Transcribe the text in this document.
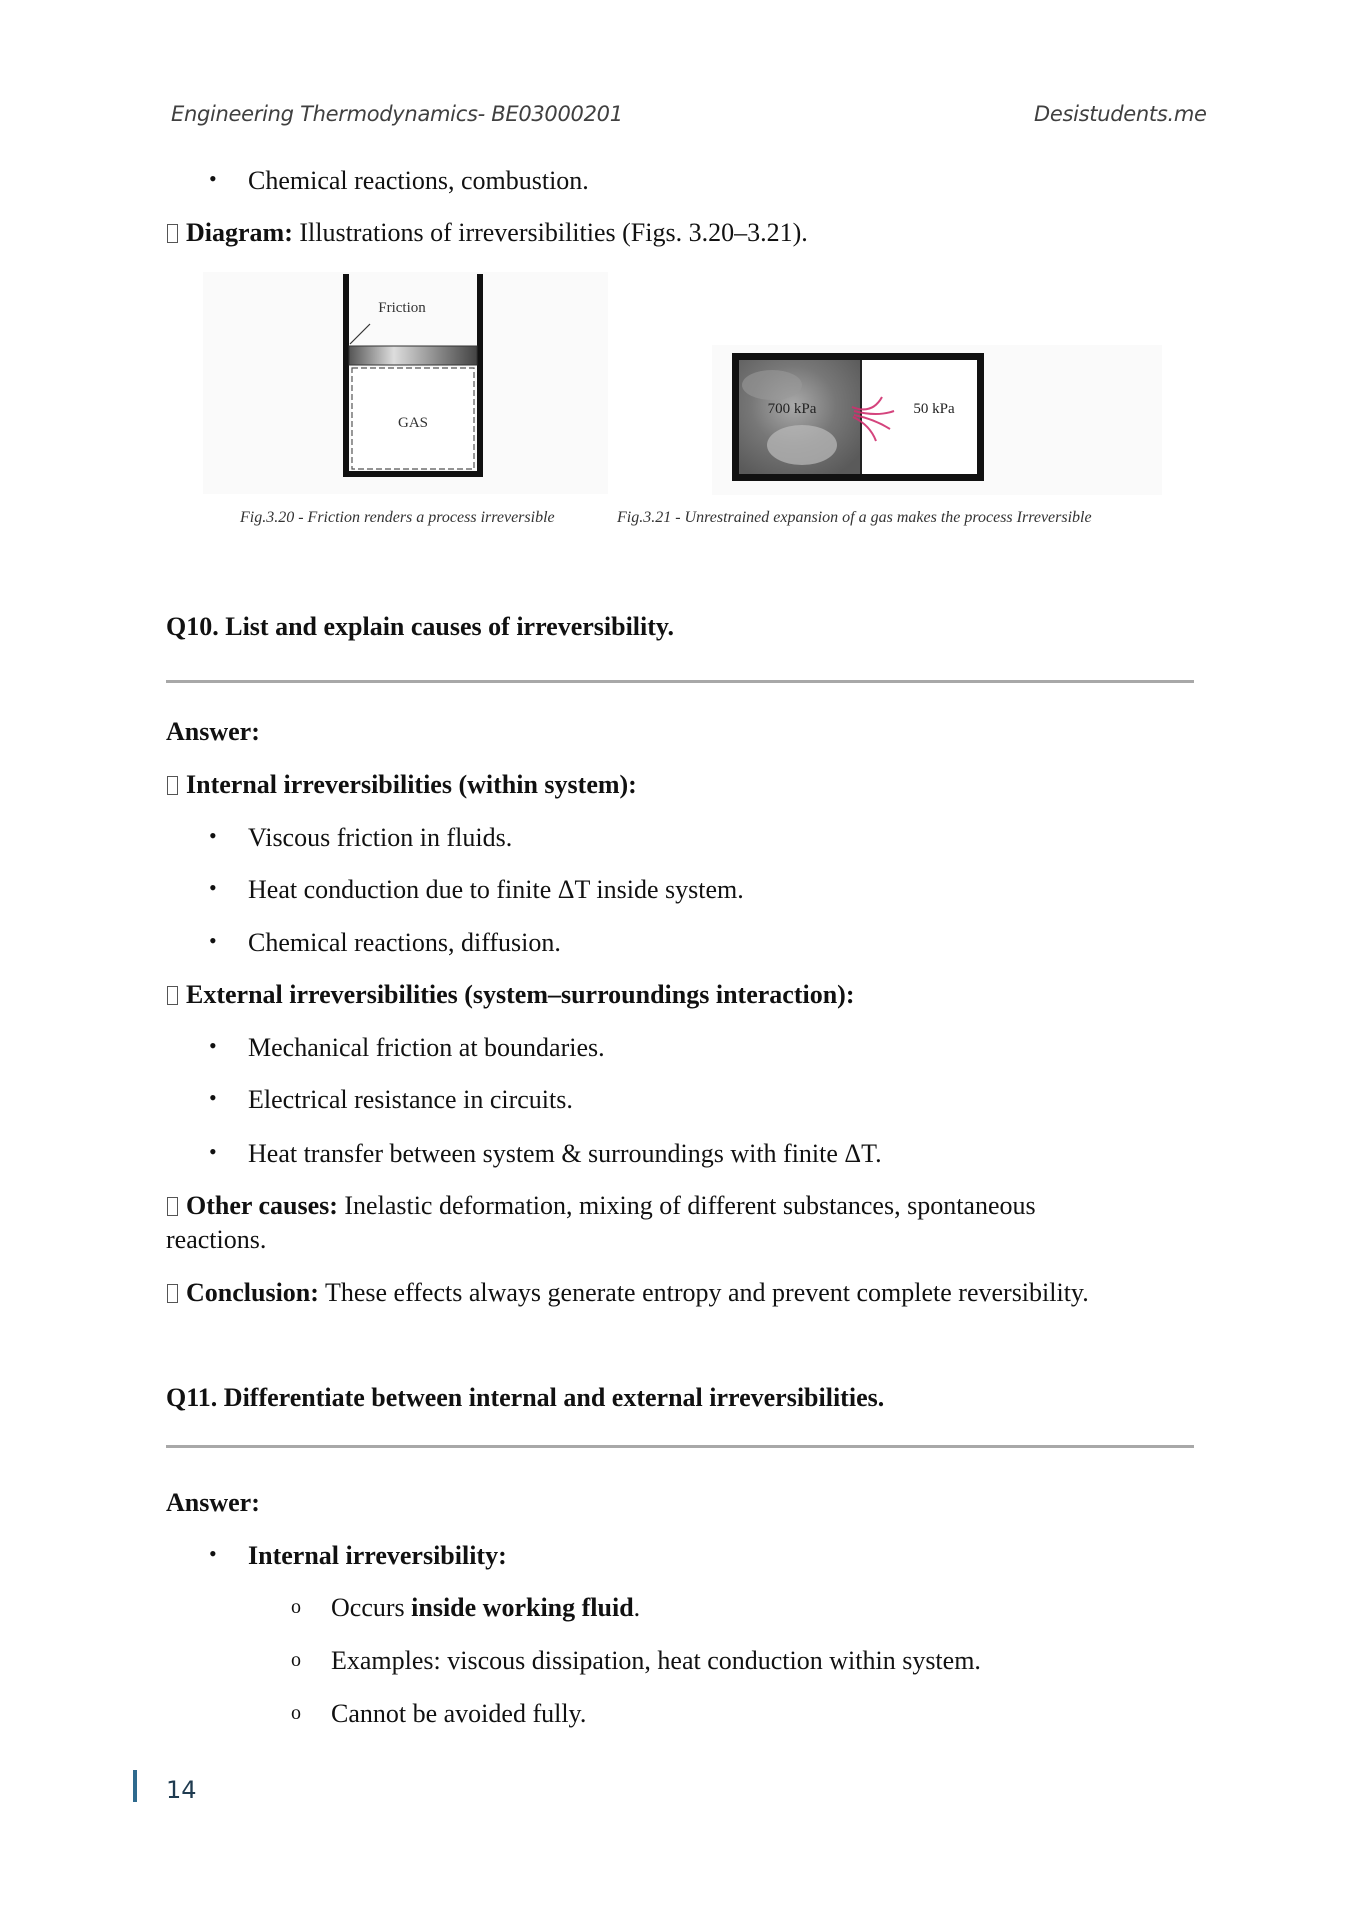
Engineering Thermodynamics- BE03000201	Desistudents.me
• Chemical reactions, combustion.
Diagram: Illustrations of irreversibilities (Figs. 3.20–3.21).
Friction
GAS
Fig.3.20 - Friction renders a process irreversible
700 kPa	50 kPa
Fig.3.21 - Unrestrained expansion of a gas makes the process Irreversible
Q10. List and explain causes of irreversibility.
Answer:
Internal irreversibilities (within system):
• Viscous friction in fluids.
• Heat conduction due to finite ΔT inside system.
• Chemical reactions, diffusion.
External irreversibilities (system–surroundings interaction):
• Mechanical friction at boundaries.
• Electrical resistance in circuits.
• Heat transfer between system & surroundings with finite ΔT.
Other causes: Inelastic deformation, mixing of different substances, spontaneous
reactions.
Conclusion: These effects always generate entropy and prevent complete reversibility.
Q11. Differentiate between internal and external irreversibilities.
Answer:
• Internal irreversibility:
o Occurs inside working fluid.
o Examples: viscous dissipation, heat conduction within system.
o Cannot be avoided fully.
14
